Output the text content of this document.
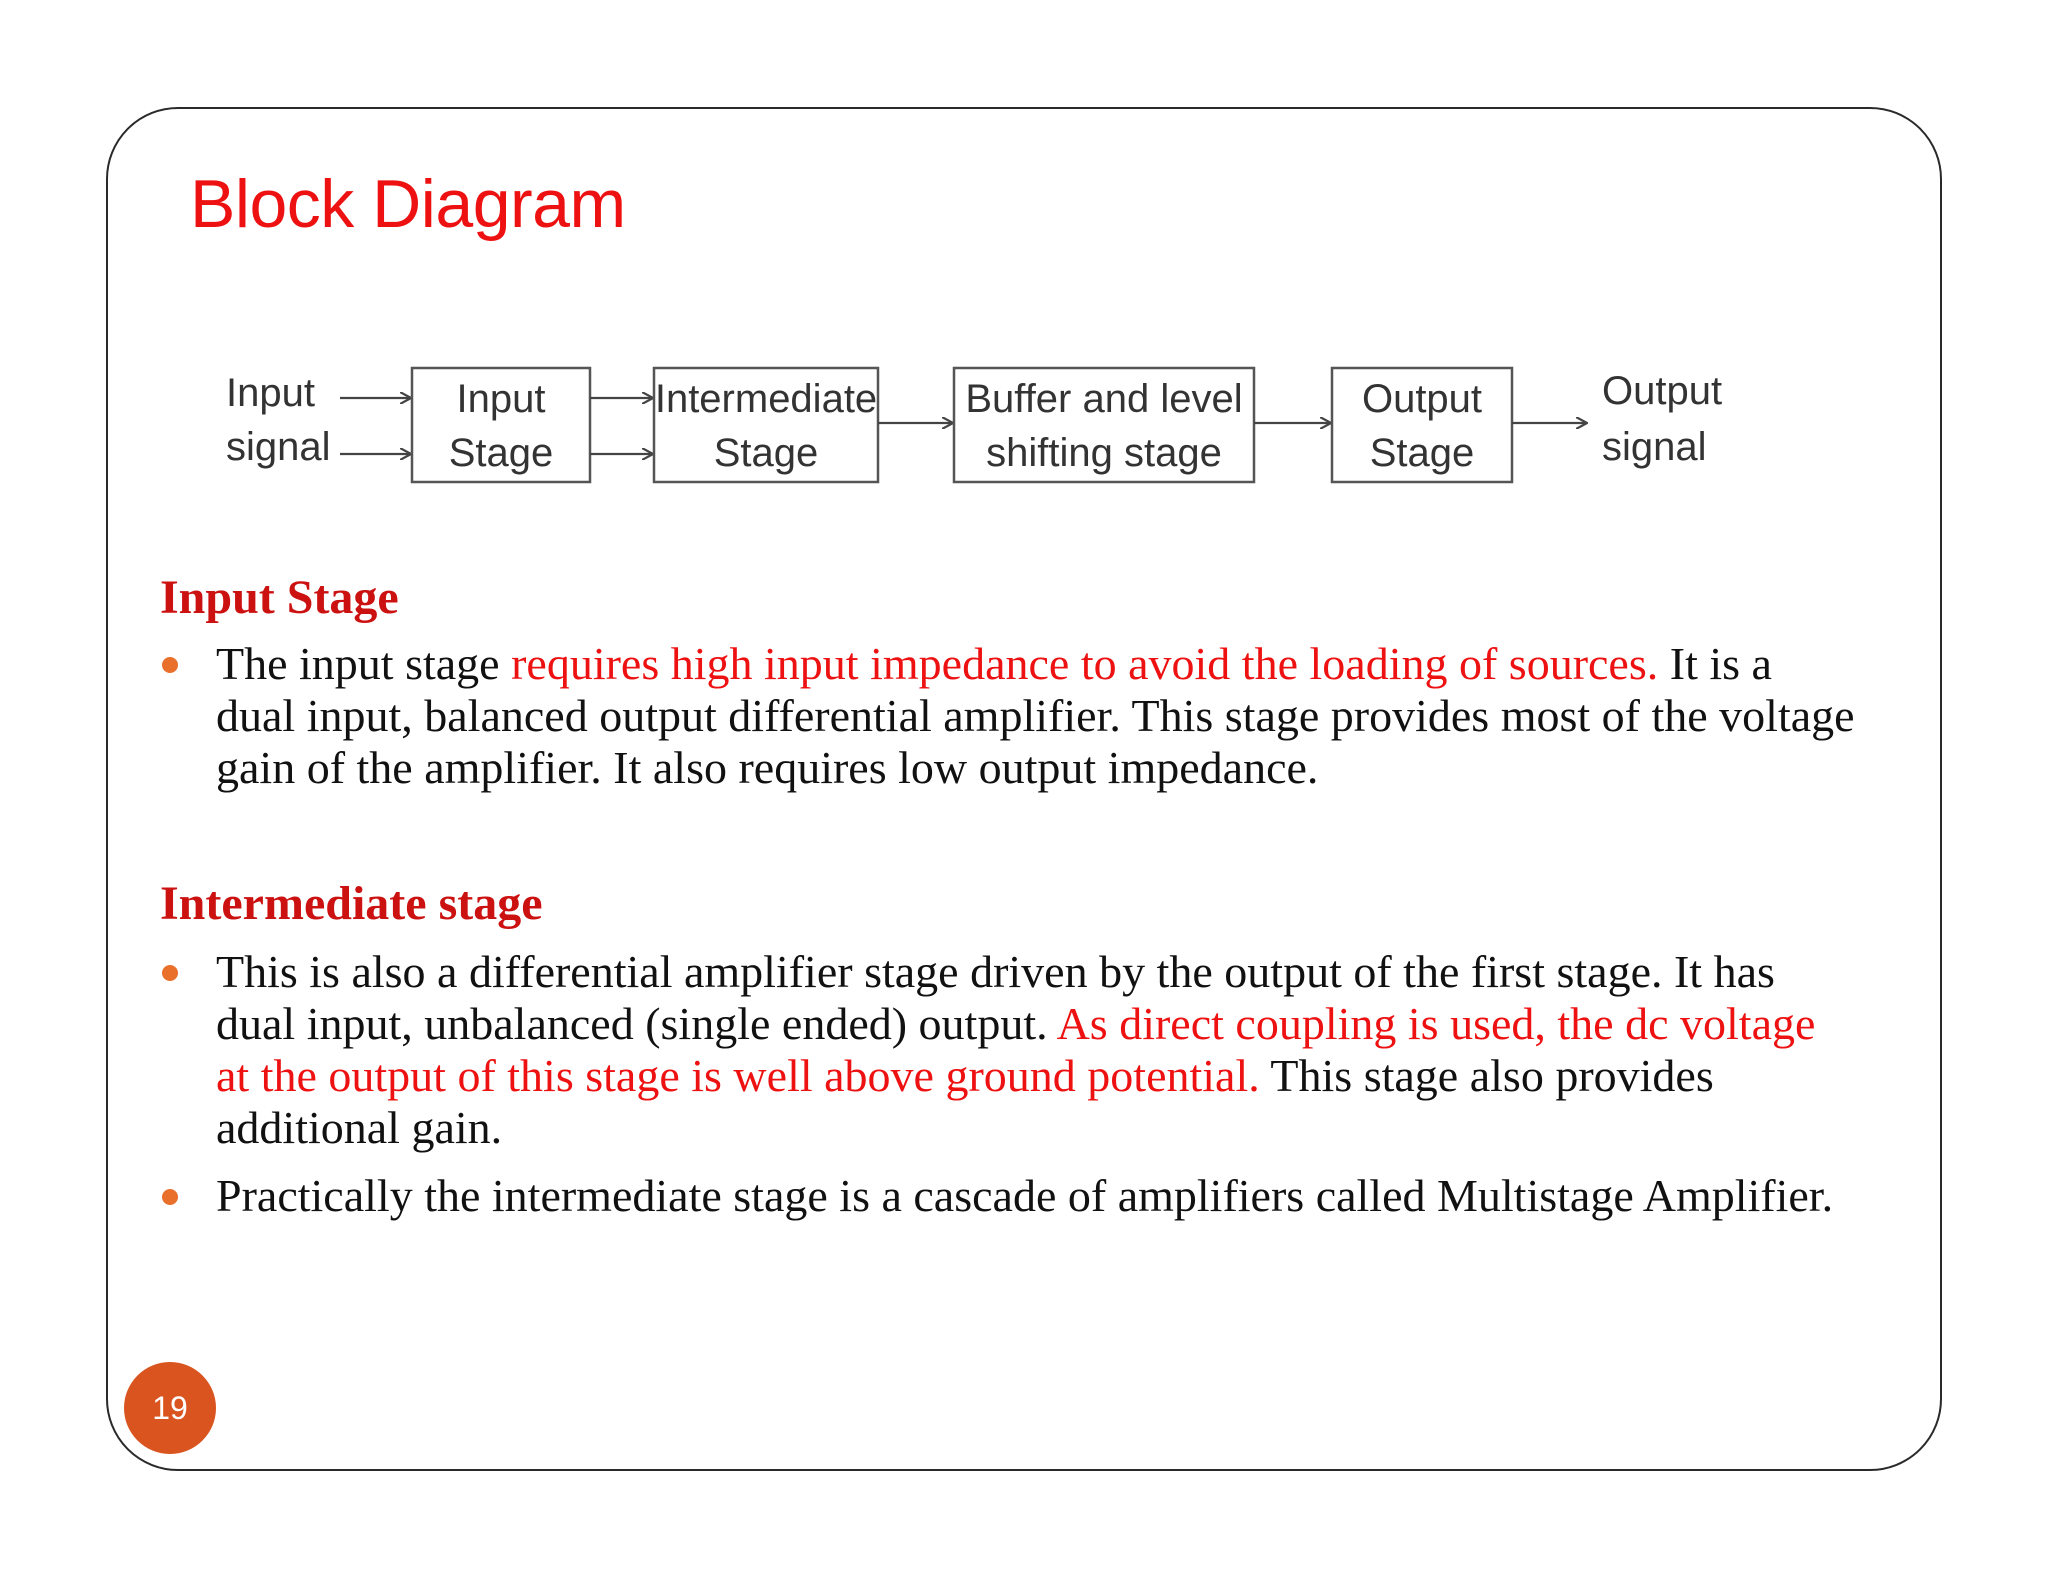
Block Diagram
Input
signal
Input
Stage
Intermediate
Stage
Buffer and level
shifting stage
Output
Stage
Output
signal
Input Stage
The input stage requires high input impedance to avoid the loading of sources. It is a dual input, balanced output differential amplifier. This stage provides most of the voltage gain of the amplifier. It also requires low output impedance.
Intermediate stage
This is also a differential amplifier stage driven by the output of the first stage. It has dual input, unbalanced (single ended) output. As direct coupling is used, the dc voltage at the output of this stage is well above ground potential. This stage also provides additional gain.
Practically the intermediate stage is a cascade of amplifiers called Multistage Amplifier.
19
